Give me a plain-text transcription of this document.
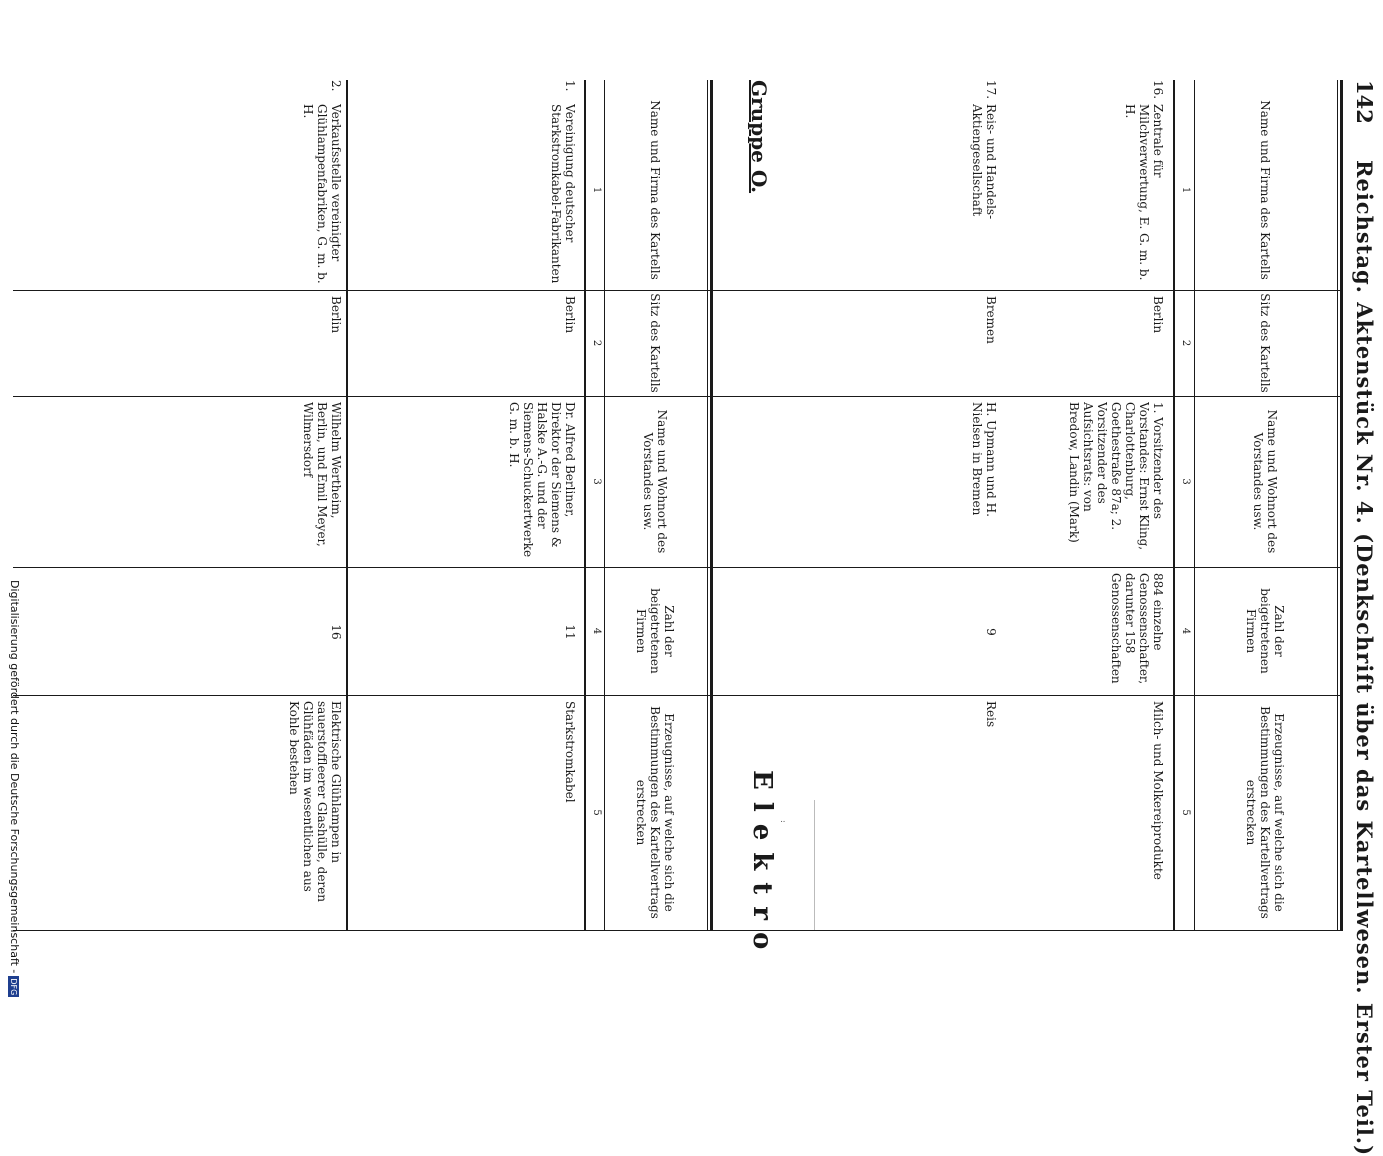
142
Reichstag. Aktenstück Nr. 4. (Denkschrift über das Kartellwesen. Erster Teil.)
Name und Firma des Kartells
Sitz des Kartells
Name und Wohnort des Vorstandes usw.
Zahl der beigetretenen Firmen
Erzeugnisse, auf welche sich die Bestimmungen des Kartellvertrags erstrecken
1
2
3
4
5
16.
Zentrale für Milchverwertung, E. G. m. b. H.
Berlin
1. Vorsitzender des Vorstandes: Ernst Kling, Charlottenburg, Goethestraße 87a; 2. Vorsitzender des Aufsichtsrats: von Bredow, Landin (Mark)
884 einzelne Genossenschafter, darunter 158 Genossenschaften
Milch- und Molkereiprodukte
17.
Reis- und Handels-Aktiengesellschaft
Bremen
H. Upmann und H. Nielsen in Bremen
9
Reis
:
Gruppe O.
Elektro
Name und Firma des Kartells
Sitz des Kartells
Name und Wohnort des Vorstandes usw.
Zahl der beigetretenen Firmen
Erzeugnisse, auf welche sich die Bestimmungen des Kartellvertrags erstrecken
1
2
3
4
5
1.
Vereinigung deutscher Starkstromkabel-Fabrikanten
Berlin
Dr. Alfred Berliner, Direktor der Siemens & Halske A.-G. und der Siemens-Schuckertwerke G. m. b. H.
11
Starkstromkabel
2.
Verkaufsstelle vereinigter Glühlampenfabriken, G. m. b. H.
Berlin
Wilhelm Wertheim, Berlin, und Emil Meyer, Wilmersdorf
16
Elektrische Glühlampen in sauerstoffleerer Glashülle, deren Glühfäden im wesentlichen aus Kohle bestehen
Digitalisierung gefördert durch die Deutsche Forschungsgemeinschaft -DFG
